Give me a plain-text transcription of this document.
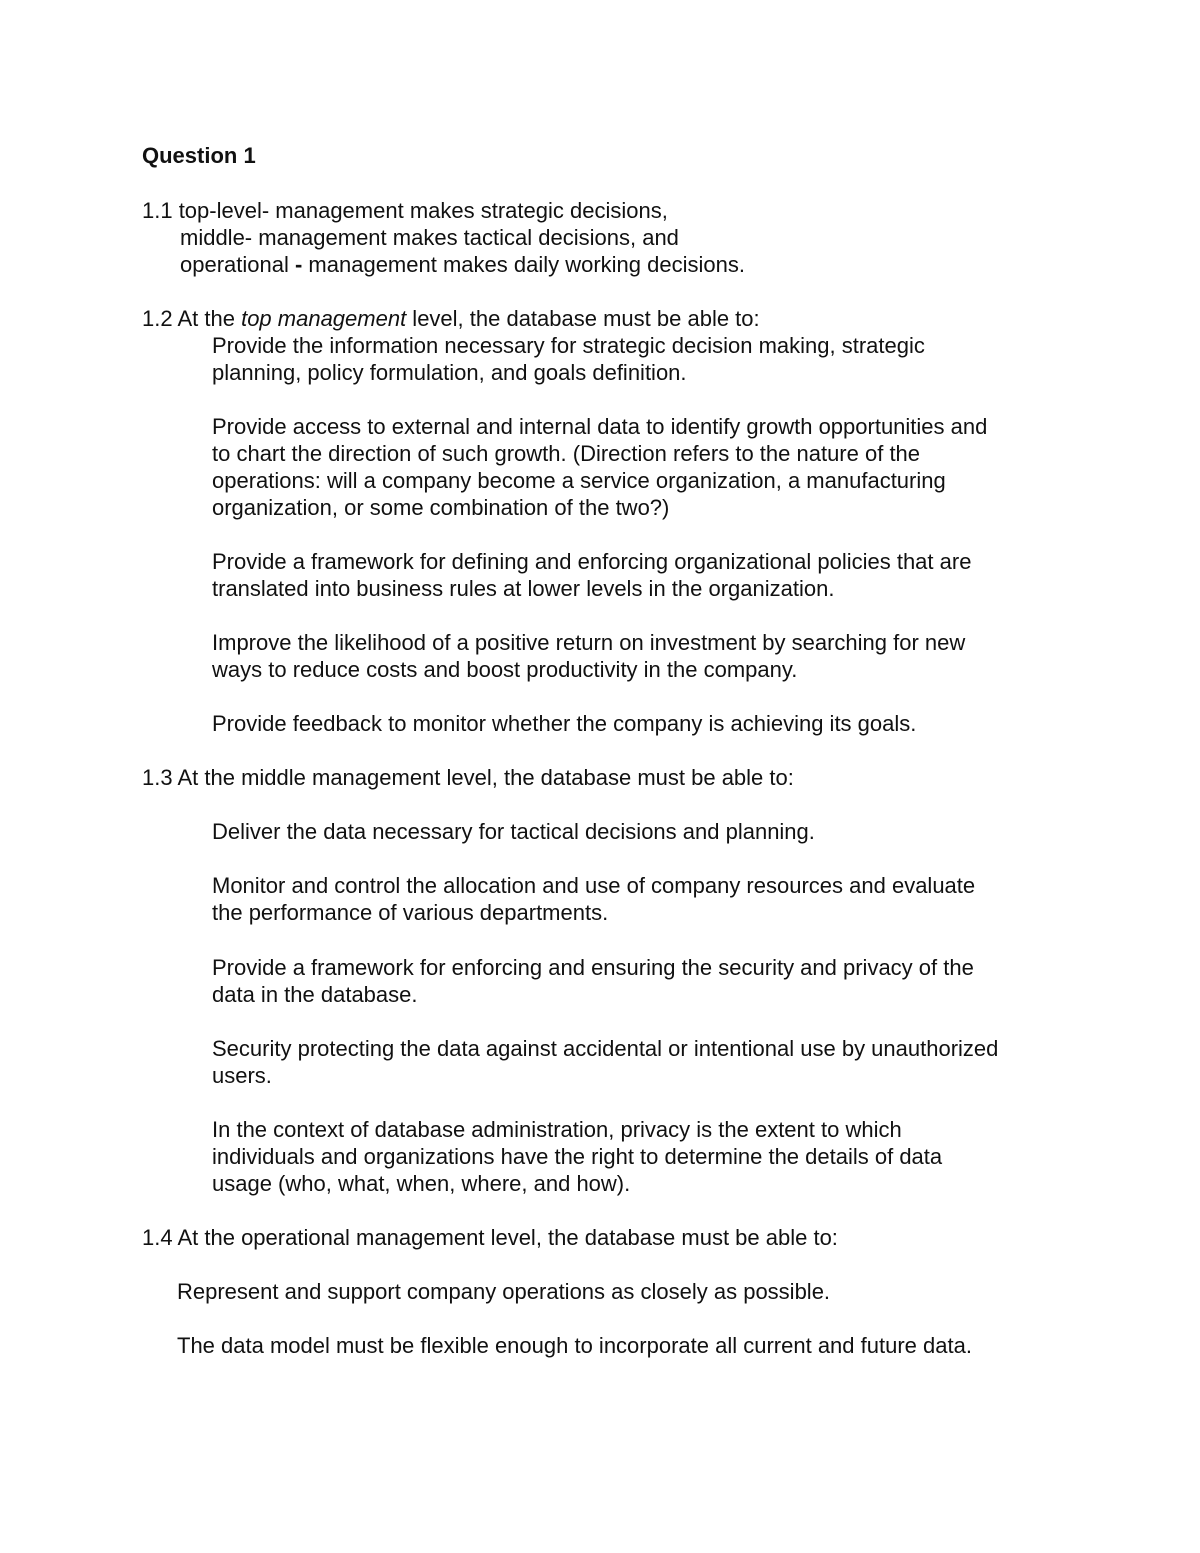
Question 1
1.1 top-level- management makes strategic decisions,
middle- management makes tactical decisions, and
operational - management makes daily working decisions.
1.2 At the top management level, the database must be able to:
Provide the information necessary for strategic decision making, strategic
planning, policy formulation, and goals definition.
Provide access to external and internal data to identify growth opportunities and
to chart the direction of such growth. (Direction refers to the nature of the
operations: will a company become a service organization, a manufacturing
organization, or some combination of the two?)
Provide a framework for defining and enforcing organizational policies that are
translated into business rules at lower levels in the organization.
Improve the likelihood of a positive return on investment by searching for new
ways to reduce costs and boost productivity in the company.
Provide feedback to monitor whether the company is achieving its goals.
1.3 At the middle management level, the database must be able to:
Deliver the data necessary for tactical decisions and planning.
Monitor and control the allocation and use of company resources and evaluate
the performance of various departments.
Provide a framework for enforcing and ensuring the security and privacy of the
data in the database.
Security protecting the data against accidental or intentional use by unauthorized
users.
In the context of database administration, privacy is the extent to which
individuals and organizations have the right to determine the details of data
usage (who, what, when, where, and how).
1.4 At the operational management level, the database must be able to:
Represent and support company operations as closely as possible.
The data model must be flexible enough to incorporate all current and future data.
